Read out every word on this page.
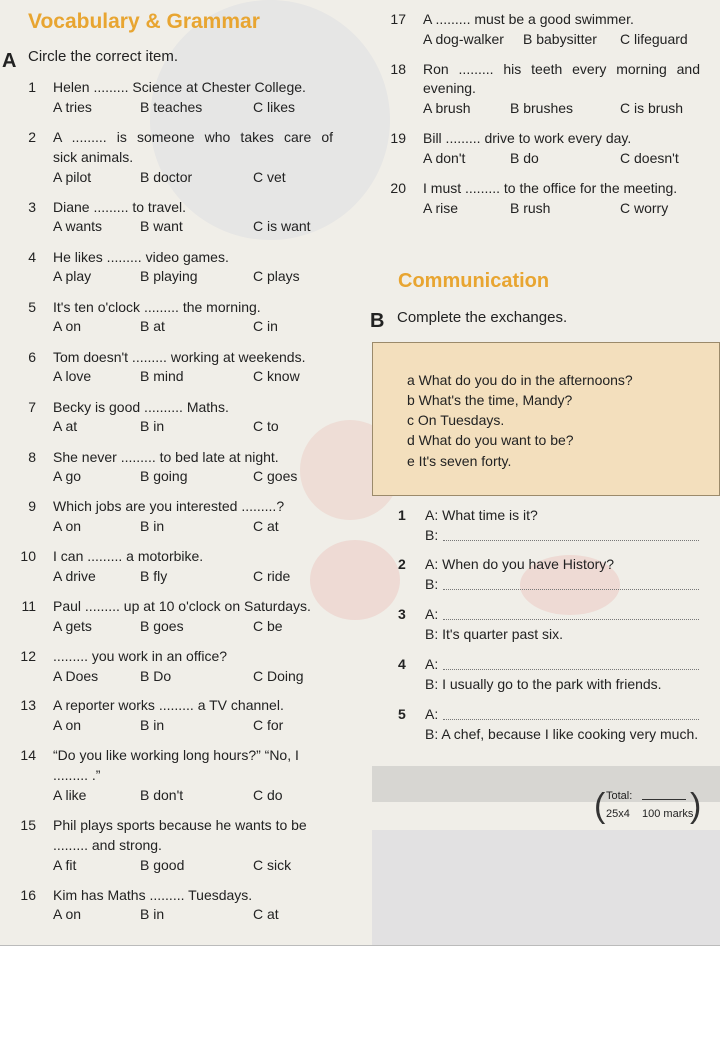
Vocabulary & Grammar
A Circle the correct item.
1 Helen ......... Science at Chester College.
A tries	B teaches	C likes
2 A ......... is someone who takes care of
sick animals.
A pilot	B doctor	C vet
3 Diane ......... to travel.
A wants	B want	C is want
4 He likes ......... video games.
A play	B playing	C plays
5 It's ten o'clock ......... the morning.
A on	B at	C in
6 Tom doesn't ......... working at weekends.
A love	B mind	C know
7 Becky is good .......... Maths.
A at	B in	C to
8 She never ......... to bed late at night.
A go	B going	C goes
9 Which jobs are you interested .........?
A on	B in	C at
10 I can ......... a motorbike.
A drive	B fly	C ride
11 Paul ......... up at 10 o'clock on Saturdays.
A gets	B goes	C be
12 ......... you work in an office?
A Does	B Do	C Doing
13 A reporter works ......... a TV channel.
A on	B in	C for
14 “Do you like working long hours?” “No, I
......... .”
A like	B don't	C do
15 Phil plays sports because he wants to be
......... and strong.
A fit	B good	C sick
16 Kim has Maths ......... Tuesdays.
A on	B in	C at
17 A ......... must be a good swimmer.
A dog-walker B babysitter C lifeguard
18 Ron ......... his teeth every morning and
evening.
A brush	B brushes	C is brush
19 Bill ......... drive to work every day.
A don't	B do	C doesn't
20 I must ......... to the office for the meeting.
A rise	B rush	C worry
Communication
B Complete the exchanges.
a What do you do in the afternoons?
b What's the time, Mandy?
c On Tuesdays.
d What do you want to be?
e It's seven forty.
1 A: What time is it?
B:
2 A: When do you have History?
B:
3 A:
B: It's quarter past six.
4 A:
B: I usually go to the park with friends.
5 A:
B: A chef, because I like cooking very much.
( )
Total:
25x4 100 marks
